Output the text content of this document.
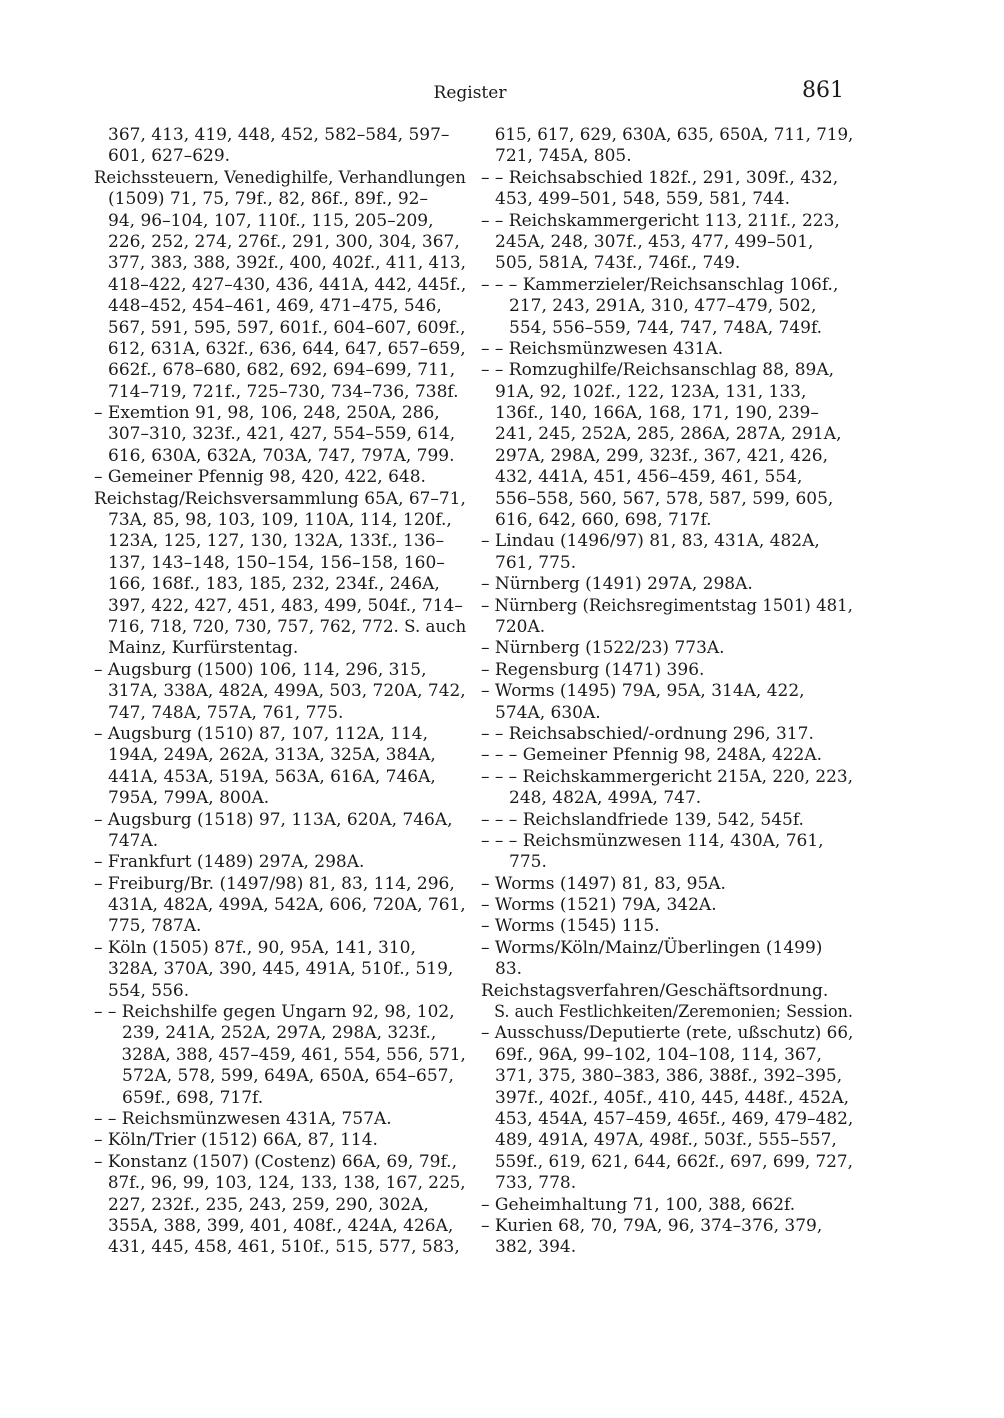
Register	861
367, 413, 419, 448, 452, 582–584, 597–
601, 627–629.
Reichssteuern, Venedighilfe, Verhandlungen
(1509) 71, 75, 79f., 82, 86f., 89f., 92–
94, 96–104, 107, 110f., 115, 205–209,
226, 252, 274, 276f., 291, 300, 304, 367,
377, 383, 388, 392f., 400, 402f., 411, 413,
418–422, 427–430, 436, 441A, 442, 445f.,
448–452, 454–461, 469, 471–475, 546,
567, 591, 595, 597, 601f., 604–607, 609f.,
612, 631A, 632f., 636, 644, 647, 657–659,
662f., 678–680, 682, 692, 694–699, 711,
714–719, 721f., 725–730, 734–736, 738f.
– Exemtion 91, 98, 106, 248, 250A, 286,
307–310, 323f., 421, 427, 554–559, 614,
616, 630A, 632A, 703A, 747, 797A, 799.
– Gemeiner Pfennig 98, 420, 422, 648.
Reichstag/Reichsversammlung 65A, 67–71,
73A, 85, 98, 103, 109, 110A, 114, 120f.,
123A, 125, 127, 130, 132A, 133f., 136–
137, 143–148, 150–154, 156–158, 160–
166, 168f., 183, 185, 232, 234f., 246A,
397, 422, 427, 451, 483, 499, 504f., 714–
716, 718, 720, 730, 757, 762, 772. S. auch
Mainz, Kurfürstentag.
– Augsburg (1500) 106, 114, 296, 315,
317A, 338A, 482A, 499A, 503, 720A, 742,
747, 748A, 757A, 761, 775.
– Augsburg (1510) 87, 107, 112A, 114,
194A, 249A, 262A, 313A, 325A, 384A,
441A, 453A, 519A, 563A, 616A, 746A,
795A, 799A, 800A.
– Augsburg (1518) 97, 113A, 620A, 746A,
747A.
– Frankfurt (1489) 297A, 298A.
– Freiburg/Br. (1497/98) 81, 83, 114, 296,
431A, 482A, 499A, 542A, 606, 720A, 761,
775, 787A.
– Köln (1505) 87f., 90, 95A, 141, 310,
328A, 370A, 390, 445, 491A, 510f., 519,
554, 556.
– – Reichshilfe gegen Ungarn 92, 98, 102,
239, 241A, 252A, 297A, 298A, 323f.,
328A, 388, 457–459, 461, 554, 556, 571,
572A, 578, 599, 649A, 650A, 654–657,
659f., 698, 717f.
– – Reichsmünzwesen 431A, 757A.
– Köln/Trier (1512) 66A, 87, 114.
– Konstanz (1507) (Costenz) 66A, 69, 79f.,
87f., 96, 99, 103, 124, 133, 138, 167, 225,
227, 232f., 235, 243, 259, 290, 302A,
355A, 388, 399, 401, 408f., 424A, 426A,
431, 445, 458, 461, 510f., 515, 577, 583,
615, 617, 629, 630A, 635, 650A, 711, 719,
721, 745A, 805.
– – Reichsabschied 182f., 291, 309f., 432,
453, 499–501, 548, 559, 581, 744.
– – Reichskammergericht 113, 211f., 223,
245A, 248, 307f., 453, 477, 499–501,
505, 581A, 743f., 746f., 749.
– – – Kammerzieler/Reichsanschlag 106f.,
217, 243, 291A, 310, 477–479, 502,
554, 556–559, 744, 747, 748A, 749f.
– – Reichsmünzwesen 431A.
– – Romzughilfe/Reichsanschlag 88, 89A,
91A, 92, 102f., 122, 123A, 131, 133,
136f., 140, 166A, 168, 171, 190, 239–
241, 245, 252A, 285, 286A, 287A, 291A,
297A, 298A, 299, 323f., 367, 421, 426,
432, 441A, 451, 456–459, 461, 554,
556–558, 560, 567, 578, 587, 599, 605,
616, 642, 660, 698, 717f.
– Lindau (1496/97) 81, 83, 431A, 482A,
761, 775.
– Nürnberg (1491) 297A, 298A.
– Nürnberg (Reichsregimentstag 1501) 481,
720A.
– Nürnberg (1522/23) 773A.
– Regensburg (1471) 396.
– Worms (1495) 79A, 95A, 314A, 422,
574A, 630A.
– – Reichsabschied/-ordnung 296, 317.
– – – Gemeiner Pfennig 98, 248A, 422A.
– – – Reichskammergericht 215A, 220, 223,
248, 482A, 499A, 747.
– – – Reichslandfriede 139, 542, 545f.
– – – Reichsmünzwesen 114, 430A, 761,
775.
– Worms (1497) 81, 83, 95A.
– Worms (1521) 79A, 342A.
– Worms (1545) 115.
– Worms/Köln/Mainz/Überlingen (1499)
83.
Reichstagsverfahren/Geschäftsordnung.
S. auch Festlichkeiten/Zeremonien; Session.
– Ausschuss/Deputierte (rete, ußschutz) 66,
69f., 96A, 99–102, 104–108, 114, 367,
371, 375, 380–383, 386, 388f., 392–395,
397f., 402f., 405f., 410, 445, 448f., 452A,
453, 454A, 457–459, 465f., 469, 479–482,
489, 491A, 497A, 498f., 503f., 555–557,
559f., 619, 621, 644, 662f., 697, 699, 727,
733, 778.
– Geheimhaltung 71, 100, 388, 662f.
– Kurien 68, 70, 79A, 96, 374–376, 379,
382, 394.
